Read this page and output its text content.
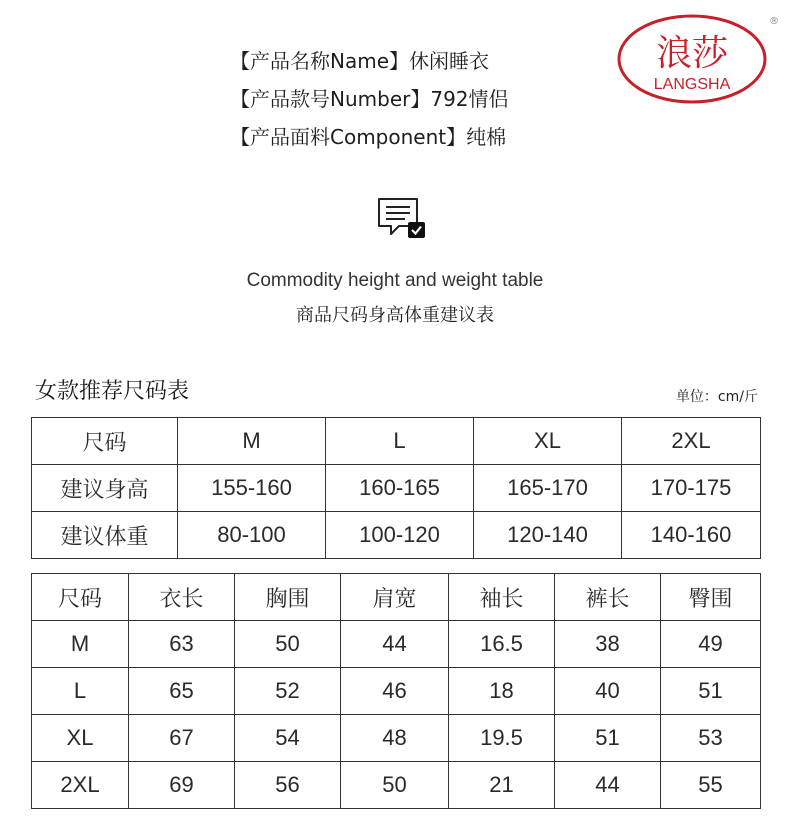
【产品名称Name】休闲睡衣
【产品款号Number】792情侣
【产品面料Component】纯棉
浪莎
LANGSHA
®
Commodity height and weight table
商品尺码身高体重建议表
女款推荐尺码表	单位：cm/斤
尺码	M	L	XL	2XL
建议身高	155-160	160-165	165-170	170-175
建议体重	80-100	100-120	120-140	140-160
尺码	衣长	胸围	肩宽	袖长	裤长	臀围
M	63	50	44	16.5	38	49
L	65	52	46	18	40	51
XL	67	54	48	19.5	51	53
2XL	69	56	50	21	44	55
